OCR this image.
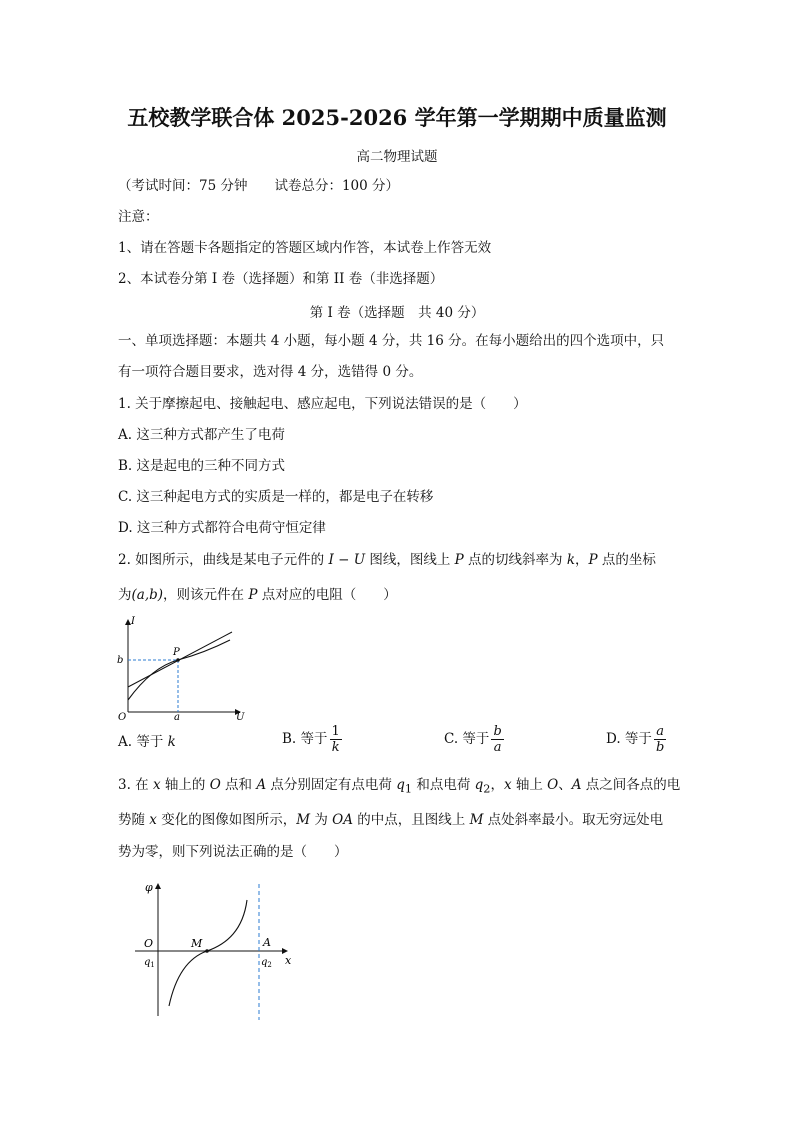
五校教学联合体 2025-2026 学年第一学期期中质量监测
高二物理试题
（考试时间：75 分钟　　试卷总分：100 分）
注意：
1、请在答题卡各题指定的答题区域内作答，本试卷上作答无效
2、本试卷分第 I 卷（选择题）和第 II 卷（非选择题）
第 I 卷（选择题　共 40 分）
一、单项选择题：本题共 4 小题，每小题 4 分，共 16 分。在每小题给出的四个选项中，只
有一项符合题目要求，选对得 4 分，选错得 0 分。
1. 关于摩擦起电、接触起电、感应起电，下列说法错误的是（　　）
A. 这三种方式都产生了电荷
B. 这是起电的三种不同方式
C. 这三种起电方式的实质是一样的，都是电子在转移
D. 这三种方式都符合电荷守恒定律
2. 如图所示，曲线是某电子元件的 I − U 图线，图线上 P 点的切线斜率为 k，P 点的坐标
为(a,b)，则该元件在 P 点对应的电阻（　　）
I
U
O
P
a
b
A. 等于 k	B. 等于 $\frac{1}{k}$	C. 等于 $\frac{b}{a}$	D. 等于 $\frac{a}{b}$
3. 在 x 轴上的 O 点和 A 点分别固定有点电荷 $q_1$ 和点电荷 $q_2$，x 轴上 O、A 点之间各点的电
势随 x 变化的图像如图所示，M 为 OA 的中点，且图线上 M 点处斜率最小。取无穷远处电
势为零，则下列说法正确的是（　　）
φ
x
O	M	A
$q_1$	$q_2$
